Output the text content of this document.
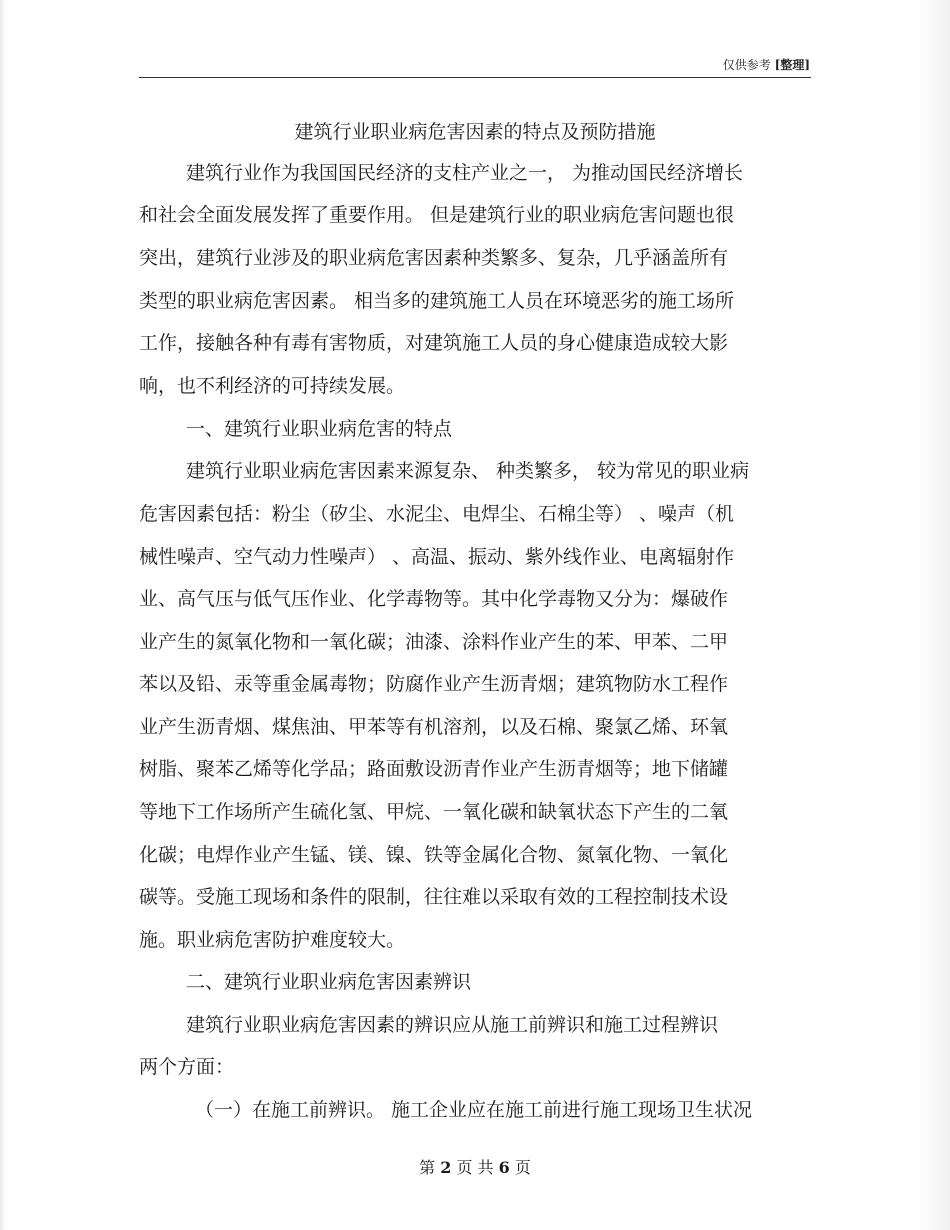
仅供参考 [整理]
建筑行业职业病危害因素的特点及预防措施
建筑行业作为我国国民经济的支柱产业之一， 为推动国民经济增长
和社会全面发展发挥了重要作用。 但是建筑行业的职业病危害问题也很
突出，建筑行业涉及的职业病危害因素种类繁多、复杂，几乎涵盖所有
类型的职业病危害因素。 相当多的建筑施工人员在环境恶劣的施工场所
工作，接触各种有毒有害物质，对建筑施工人员的身心健康造成较大影
响，也不利经济的可持续发展。
一、建筑行业职业病危害的特点
建筑行业职业病危害因素来源复杂、 种类繁多， 较为常见的职业病
危害因素包括：粉尘（矽尘、水泥尘、电焊尘、石棉尘等） 、噪声（机
械性噪声、空气动力性噪声） 、高温、振动、紫外线作业、电离辐射作
业、高气压与低气压作业、化学毒物等。其中化学毒物又分为：爆破作
业产生的氮氧化物和一氧化碳；油漆、涂料作业产生的苯、甲苯、二甲
苯以及铅、汞等重金属毒物；防腐作业产生沥青烟；建筑物防水工程作
业产生沥青烟、煤焦油、甲苯等有机溶剂，以及石棉、聚氯乙烯、环氧
树脂、聚苯乙烯等化学品；路面敷设沥青作业产生沥青烟等；地下储罐
等地下工作场所产生硫化氢、甲烷、一氧化碳和缺氧状态下产生的二氧
化碳；电焊作业产生锰、镁、镍、铁等金属化合物、氮氧化物、一氧化
碳等。受施工现场和条件的限制，往往难以采取有效的工程控制技术设
施。职业病危害防护难度较大。
二、建筑行业职业病危害因素辨识
建筑行业职业病危害因素的辨识应从施工前辨识和施工过程辨识
两个方面：
（一）在施工前辨识。 施工企业应在施工前进行施工现场卫生状况
第 2 页 共 6 页
